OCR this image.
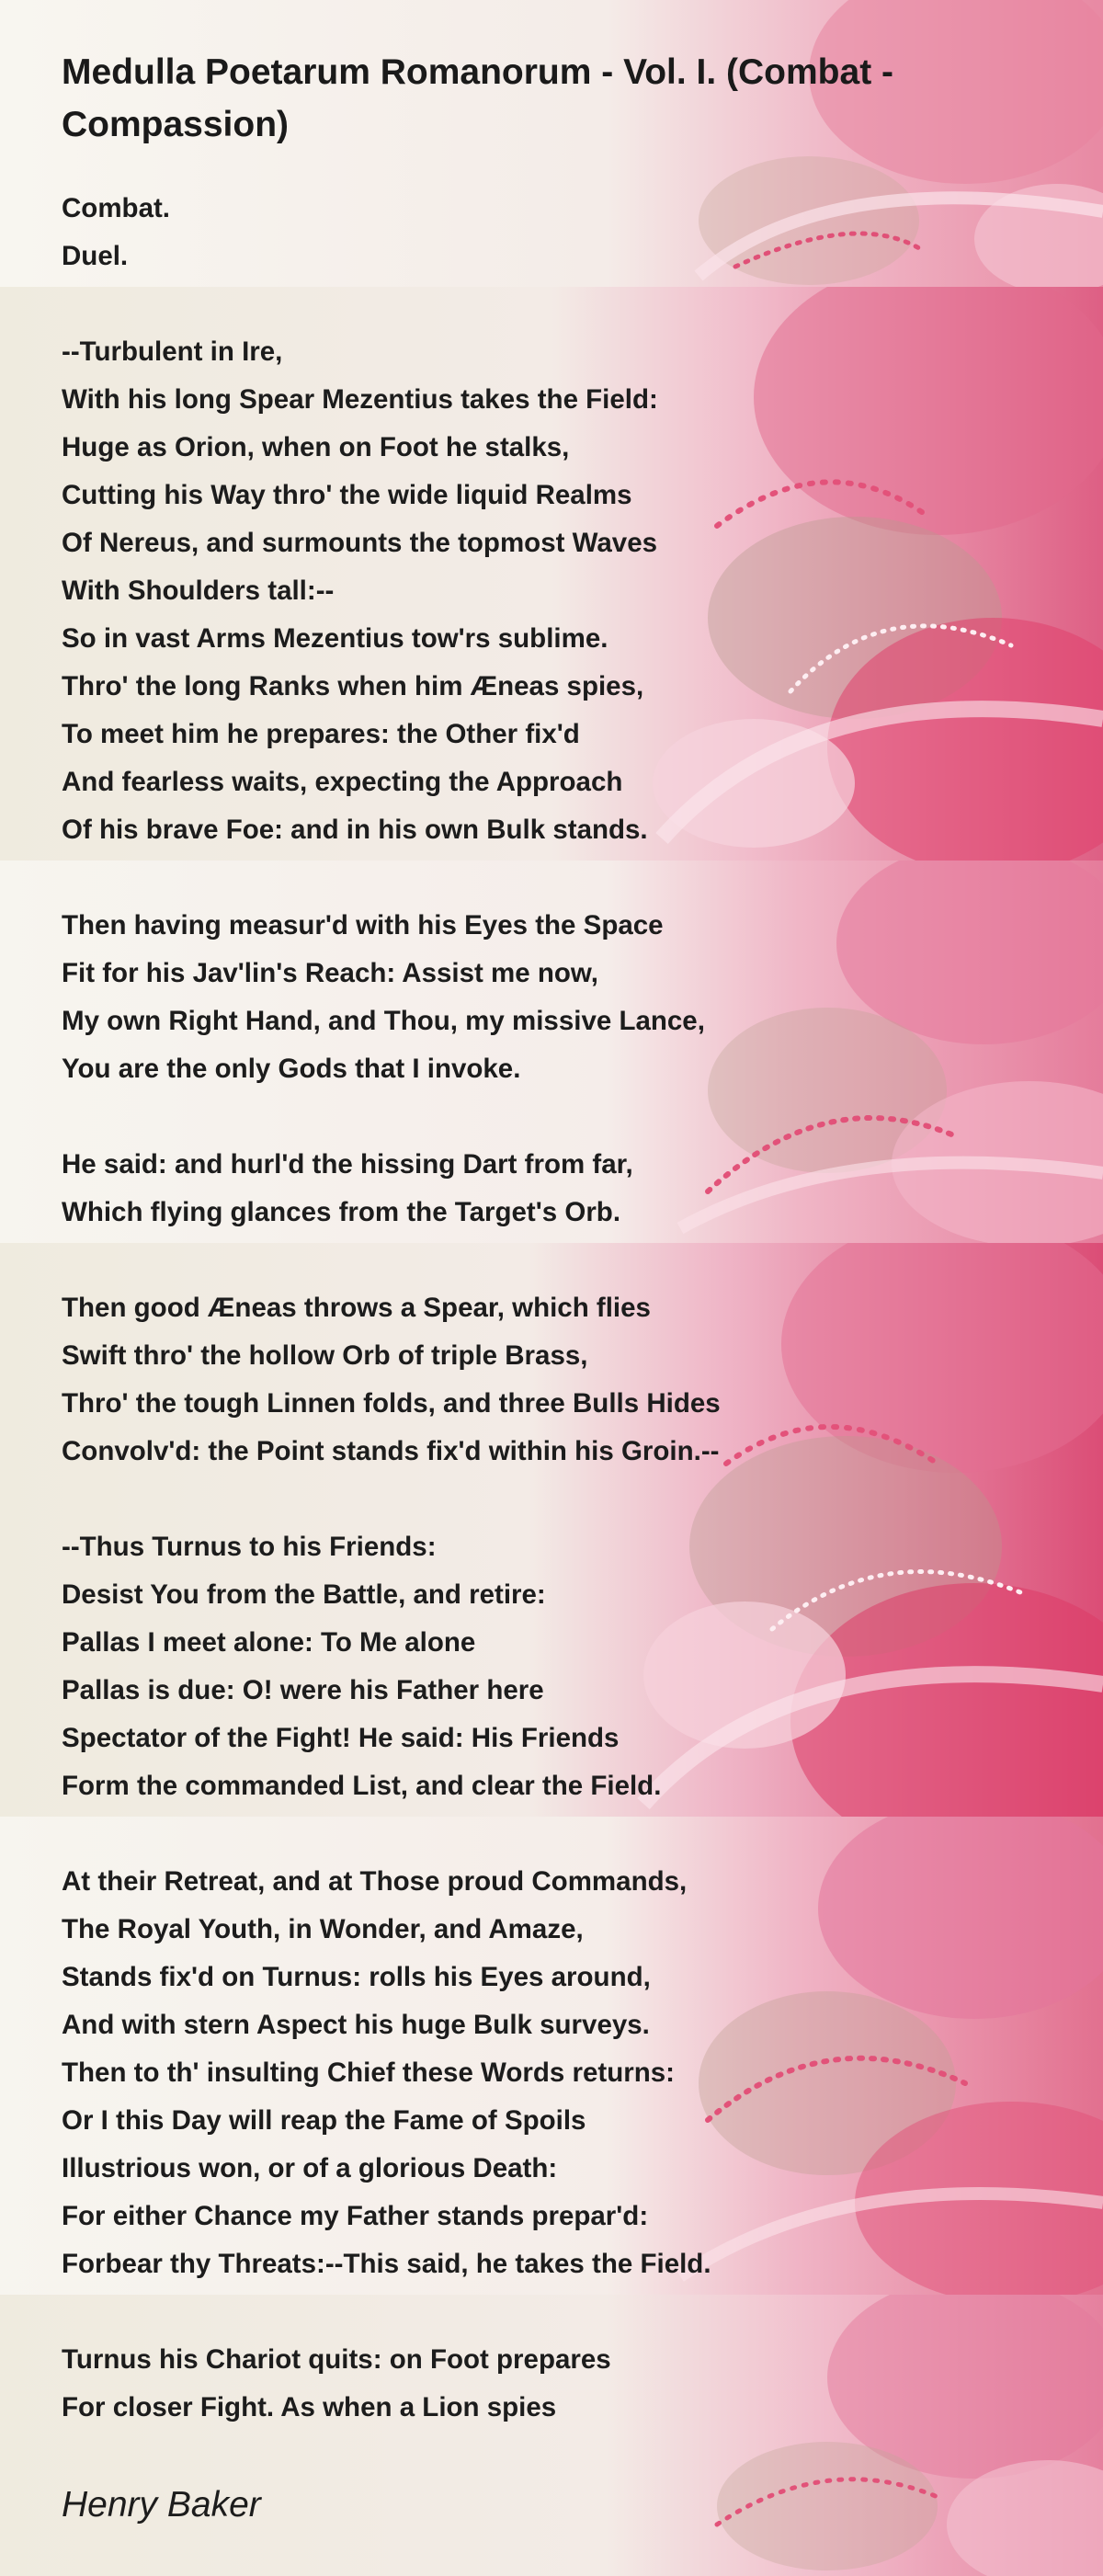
Medulla Poetarum Romanorum - Vol. I. (Combat - Compassion)
Combat.
Duel.
--Turbulent in Ire,
With his long Spear Mezentius takes the Field:
Huge as Orion, when on Foot he stalks,
Cutting his Way thro' the wide liquid Realms
Of Nereus, and surmounts the topmost Waves
With Shoulders tall:--
So in vast Arms Mezentius tow'rs sublime.
Thro' the long Ranks when him Æneas spies,
To meet him he prepares: the Other fix'd
And fearless waits, expecting the Approach
Of his brave Foe: and in his own Bulk stands.
Then having measur'd with his Eyes the Space
Fit for his Jav'lin's Reach: Assist me now,
My own Right Hand, and Thou, my missive Lance,
You are the only Gods that I invoke.
He said: and hurl'd the hissing Dart from far,
Which flying glances from the Target's Orb.
Then good Æneas throws a Spear, which flies
Swift thro' the hollow Orb of triple Brass,
Thro' the tough Linnen folds, and three Bulls Hides
Convolv'd: the Point stands fix'd within his Groin.--
--Thus Turnus to his Friends:
Desist You from the Battle, and retire:
Pallas I meet alone: To Me alone
Pallas is due: O! were his Father here
Spectator of the Fight! He said: His Friends
Form the commanded List, and clear the Field.
At their Retreat, and at Those proud Commands,
The Royal Youth, in Wonder, and Amaze,
Stands fix'd on Turnus: rolls his Eyes around,
And with stern Aspect his huge Bulk surveys.
Then to th' insulting Chief these Words returns:
Or I this Day will reap the Fame of Spoils
Illustrious won, or of a glorious Death:
For either Chance my Father stands prepar'd:
Forbear thy Threats:--This said, he takes the Field.
Turnus his Chariot quits: on Foot prepares
For closer Fight. As when a Lion spies
Henry Baker
